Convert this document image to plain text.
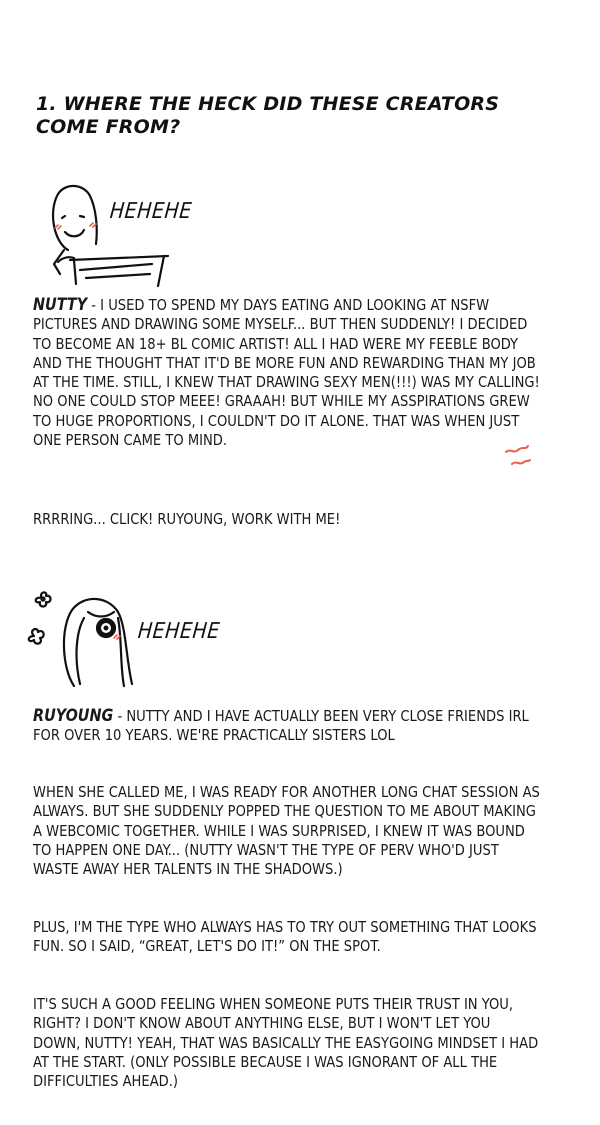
1. WHERE THE HECK DID THESE CREATORS COME FROM?
HEHEHE
NUTTY - I USED TO SPEND MY DAYS EATING AND LOOKING AT NSFW PICTURES AND DRAWING SOME MYSELF... BUT THEN SUDDENLY! I DECIDED TO BECOME AN 18+ BL COMIC ARTIST! ALL I HAD WERE MY FEEBLE BODY AND THE THOUGHT THAT IT'D BE MORE FUN AND REWARDING THAN MY JOB AT THE TIME. STILL, I KNEW THAT DRAWING SEXY MEN(!!!) WAS MY CALLING! NO ONE COULD STOP MEEE! GRAAAH! BUT WHILE MY ASSPIRATIONS GREW TO HUGE PROPORTIONS, I COULDN'T DO IT ALONE. THAT WAS WHEN JUST ONE PERSON CAME TO MIND.
RRRRING... CLICK! RUYOUNG, WORK WITH ME!
HEHEHE
RUYOUNG - NUTTY AND I HAVE ACTUALLY BEEN VERY CLOSE FRIENDS IRL FOR OVER 10 YEARS. WE'RE PRACTICALLY SISTERS LOL
WHEN SHE CALLED ME, I WAS READY FOR ANOTHER LONG CHAT SESSION AS ALWAYS. BUT SHE SUDDENLY POPPED THE QUESTION TO ME ABOUT MAKING A WEBCOMIC TOGETHER. WHILE I WAS SURPRISED, I KNEW IT WAS BOUND TO HAPPEN ONE DAY... (NUTTY WASN'T THE TYPE OF PERV WHO'D JUST WASTE AWAY HER TALENTS IN THE SHADOWS.)
PLUS, I'M THE TYPE WHO ALWAYS HAS TO TRY OUT SOMETHING THAT LOOKS FUN. SO I SAID, “GREAT, LET'S DO IT!” ON THE SPOT.
IT'S SUCH A GOOD FEELING WHEN SOMEONE PUTS THEIR TRUST IN YOU, RIGHT? I DON'T KNOW ABOUT ANYTHING ELSE, BUT I WON'T LET YOU DOWN, NUTTY! YEAH, THAT WAS BASICALLY THE EASYGOING MINDSET I HAD AT THE START. (ONLY POSSIBLE BECAUSE I WAS IGNORANT OF ALL THE DIFFICULTIES AHEAD.)
